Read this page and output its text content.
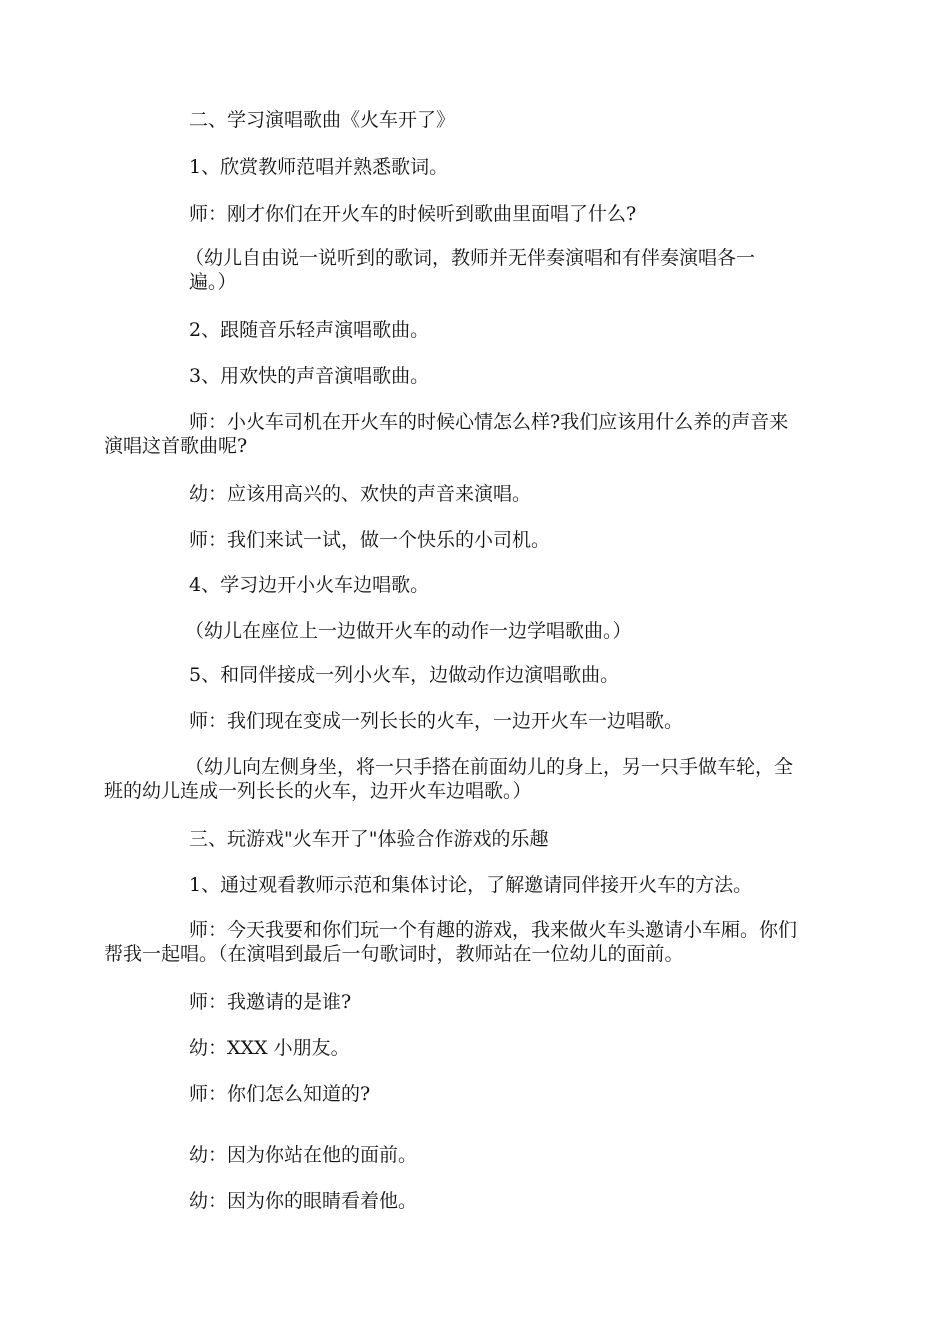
二、学习演唱歌曲《火车开了》

1、欣赏教师范唱并熟悉歌词。

师：刚才你们在开火车的时候听到歌曲里面唱了什么?

（幼儿自由说一说听到的歌词，教师并无伴奏演唱和有伴奏演唱各一
遍。）

2、跟随音乐轻声演唱歌曲。

3、用欢快的声音演唱歌曲。

师：小火车司机在开火车的时候心情怎么样?我们应该用什么养的声音来
演唱这首歌曲呢?

幼：应该用高兴的、欢快的声音来演唱。

师：我们来试一试，做一个快乐的小司机。

4、学习边开小火车边唱歌。

（幼儿在座位上一边做开火车的动作一边学唱歌曲。）

5、和同伴接成一列小火车，边做动作边演唱歌曲。

师：我们现在变成一列长长的火车，一边开火车一边唱歌。

（幼儿向左侧身坐，将一只手搭在前面幼儿的身上，另一只手做车轮，全
班的幼儿连成一列长长的火车，边开火车边唱歌。）

三、玩游戏"火车开了"体验合作游戏的乐趣

1、通过观看教师示范和集体讨论，了解邀请同伴接开火车的方法。

师：今天我要和你们玩一个有趣的游戏，我来做火车头邀请小车厢。你们
帮我一起唱。（在演唱到最后一句歌词时，教师站在一位幼儿的面前。

师：我邀请的是谁?

幼：XXX 小朋友。

师：你们怎么知道的?

幼：因为你站在他的面前。

幼：因为你的眼睛看着他。
